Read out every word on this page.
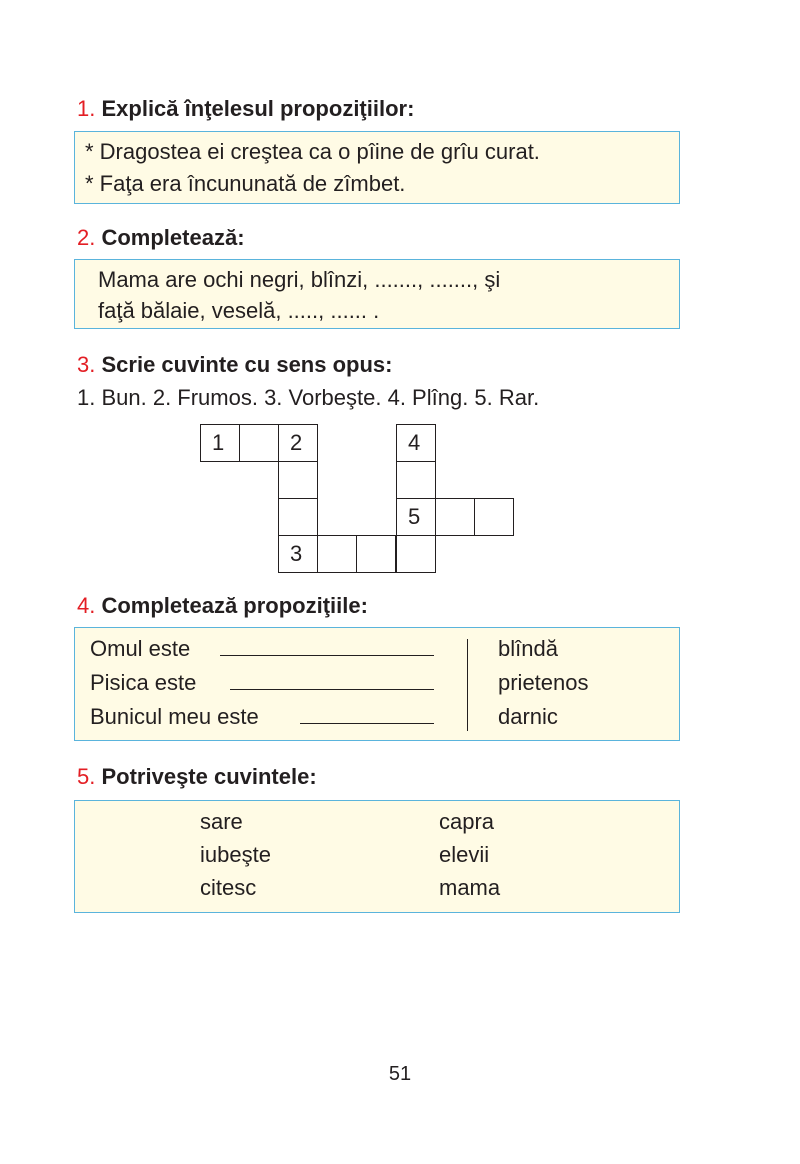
1. Explică înţelesul propoziţiilor:
* Dragostea ei creştea ca o pîine de grîu curat.
* Faţa era încununată de zîmbet.
2. Completează:
Mama are ochi negri, blînzi, ......., ......., şi
faţă bălaie, veselă, ....., ...... .
3. Scrie cuvinte cu sens opus:
1. Bun. 2. Frumos. 3. Vorbeşte. 4. Plîng. 5. Rar.
1	2	4
5
3
4. Completează propoziţiile:
Omul este
Pisica este
Bunicul meu este
blîndă
prietenos
darnic
5. Potriveşte cuvintele:
sare
iubeşte
citesc
capra
elevii
mama
51
